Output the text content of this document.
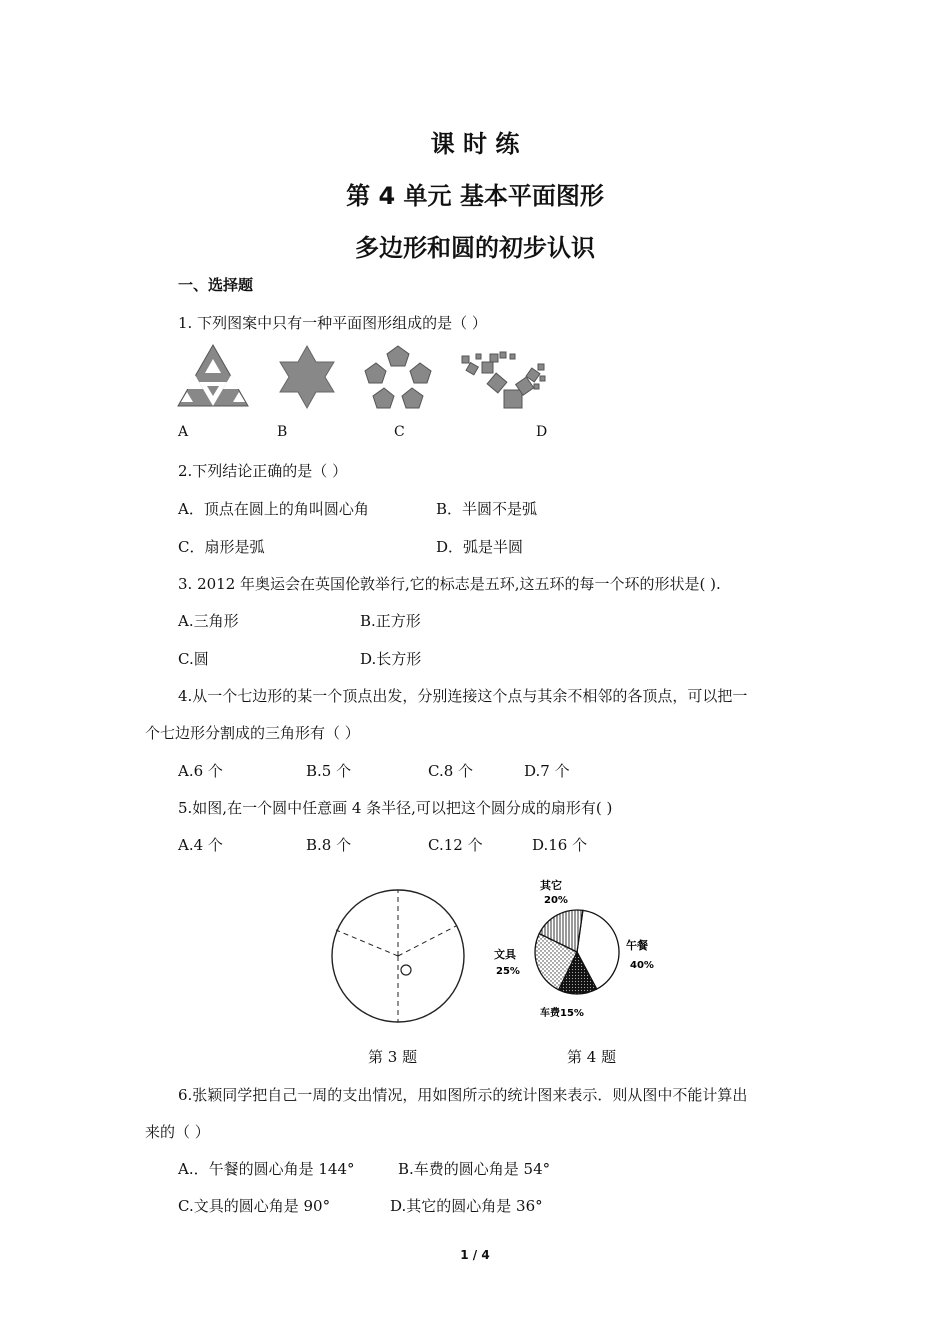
课 时 练
第 4 单元 基本平面图形
多边形和圆的初步认识
一、选择题
1. 下列图案中只有一种平面图形组成的是（ ）
A	B	C	D
2.下列结论正确的是（ ）
A．顶点在圆上的角叫圆心角	B．半圆不是弧
C．扇形是弧	D．弧是半圆
3. 2012 年奥运会在英国伦敦举行,它的标志是五环,这五环的每一个环的形状是( ).
A.三角形	B.正方形
C.圆	D.长方形
4.从一个七边形的某一个顶点出发，分别连接这个点与其余不相邻的各顶点，可以把一
个七边形分割成的三角形有（ ）
A.6 个	B.5 个	C.8 个	D.7 个
5.如图,在一个圆中任意画 4 条半径,可以把这个圆分成的扇形有( )
A.4 个	B.8 个	C.12 个	D.16 个
其它
20%
文具
25%
午餐
40%
车费15%
第 3 题	第 4 题
6.张颖同学把自己一周的支出情况，用如图所示的统计图来表示．则从图中不能计算出
来的（ ）
A.．午餐的圆心角是 144°	B.车费的圆心角是 54°
C.文具的圆心角是 90°	D.其它的圆心角是 36°
1 / 4
